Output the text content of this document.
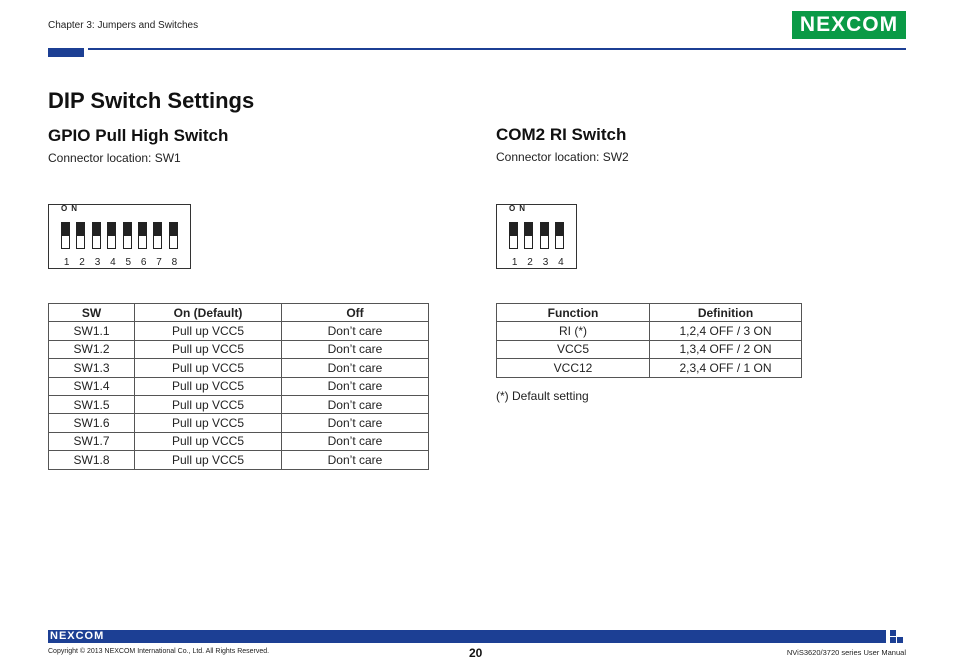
Chapter 3: Jumpers and Switches	NEXCOM
DIP Switch Settings
GPIO Pull High Switch
Connector location: SW1
ON
1 2 3 4 5 6 7 8
SW	On (Default)	Off
SW1.1	Pull up VCC5	Don’t care
SW1.2	Pull up VCC5	Don’t care
SW1.3	Pull up VCC5	Don’t care
SW1.4	Pull up VCC5	Don’t care
SW1.5	Pull up VCC5	Don’t care
SW1.6	Pull up VCC5	Don’t care
SW1.7	Pull up VCC5	Don’t care
SW1.8	Pull up VCC5	Don’t care
COM2 RI Switch
Connector location: SW2
ON
1 2 3 4
Function	Definition
RI (*)	1,2,4 OFF / 3 ON
VCC5	1,3,4 OFF / 2 ON
VCC12	2,3,4 OFF / 1 ON
(*) Default setting
NEXCOM
Copyright © 2013 NEXCOM International Co., Ltd. All Rights Reserved.	20	NViS3620/3720 series User Manual
